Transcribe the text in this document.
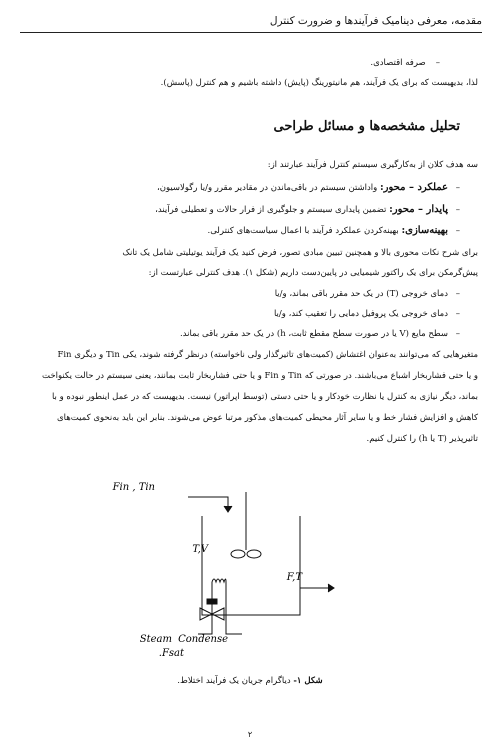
مقدمه، معرفی دینامیک فرآیندها و ضرورت کنترل
–صرفه اقتصادی.
لذا، بدیهیست که برای یک فرآیند، هم مانیتورینگ (پایش) داشته باشیم و هم کنترل (پاسش).
تحلیل مشخصه‌ها و مسائل طراحی
سه هدف کلان از به‌کارگیری سیستم کنترل فرآیند عبارتند از:
–عملکرد – محور: واداشتن سیستم در باقی‌ماندن در مقادیر مقرر و/یا رگولاسیون،
–پایدار – محور: تضمین پایداری سیستم و جلوگیری از فرار حالات و تعطیلی فرآیند،
–بهینه‌سازی: بهینه‌کردن عملکرد فرآیند با اعمال سیاست‌های کنترلی.
برای شرح نکات محوری بالا و همچنین تبیین مبادی تصور، فرض کنید یک فرآیند یوتیلیتی شامل یک تانک
پیش‌گرمکن برای یک راکتور شیمیایی در پایین‌دست داریم (شکل ۱). هدف کنترلی عبارتست از:
–دمای خروجی (T) در یک حد مقرر باقی بماند، و/یا
–دمای خروجی یک پروفیل دمایی را تعقیب کند، و/یا
–سطح مایع (V یا در صورت سطح مقطع ثابت، h) در یک حد مقرر باقی بماند.
متغیرهایی که می‌توانند به‌عنوان اغتشاش (کمیت‌های تاثیرگذار ولی ناخواسته) درنظر گرفته شوند، یکی Tin و دیگری Fin
و یا حتی فشاربخار اشباع می‌باشند. در صورتی که Tin و Fin و یا حتی فشاربخار ثابت بمانند، یعنی سیستم در حالت یکنواخت
بماند، دیگر نیازی به کنترل یا نظارت خودکار و یا حتی دستی (توسط اپراتور) نیست. بدیهیست که در عمل اینطور نبوده و با
کاهش و افزایش فشار خط و یا سایر آثار محیطی کمیت‌های مذکور مرتبا عوض می‌شوند. بنابر این باید به‌نحوی کمیت‌های
تاثیرپذیر (T یا h) را کنترل کنیم.
Fin , Tin
T,V
F,T
Steam
Fsat.
Condense
شکل ۱- دیاگرام جریان یک فرآیند اختلاط.
۲
